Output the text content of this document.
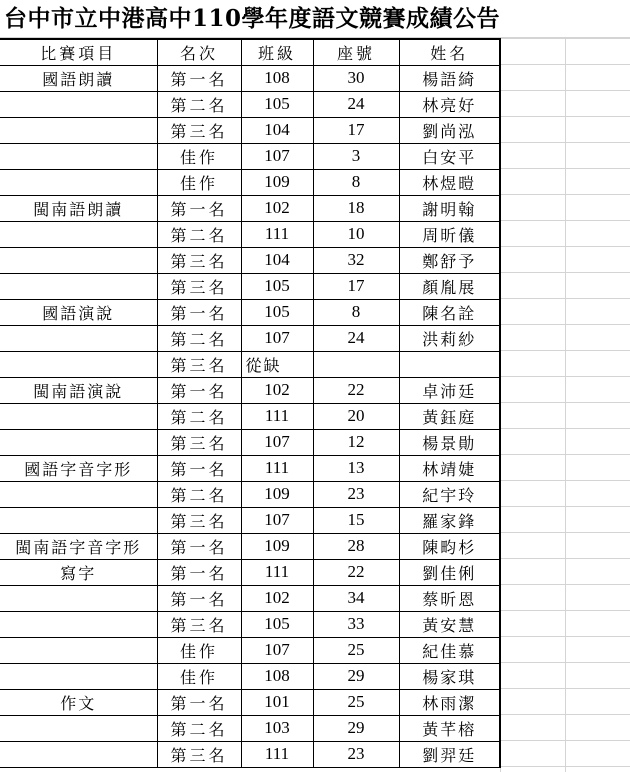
台中市立中港高中110學年度語文競賽成績公告
比賽項目	名次	班級	座號	姓名
國語朗讀	第一名	108	30	楊語綺
	第二名	105	24	林亮好
	第三名	104	17	劉尚泓
	佳作	107	3	白安平
	佳作	109	8	林煜暟
閩南語朗讀	第一名	102	18	謝明翰
	第二名	111	10	周昕儀
	第三名	104	32	鄭舒予
	第三名	105	17	顏胤展
國語演說	第一名	105	8	陳名詮
	第二名	107	24	洪莉紗
	第三名	從缺		
閩南語演說	第一名	102	22	卓沛廷
	第二名	111	20	黃鈺庭
	第三名	107	12	楊景勛
國語字音字形	第一名	111	13	林靖婕
	第二名	109	23	紀宇玲
	第三名	107	15	羅家鋒
閩南語字音字形	第一名	109	28	陳畇杉
寫字	第一名	111	22	劉佳俐
	第一名	102	34	蔡昕恩
	第三名	105	33	黃安慧
	佳作	107	25	紀佳慕
	佳作	108	29	楊家琪
作文	第一名	101	25	林雨潔
	第二名	103	29	黃芊榕
	第三名	111	23	劉羿廷
